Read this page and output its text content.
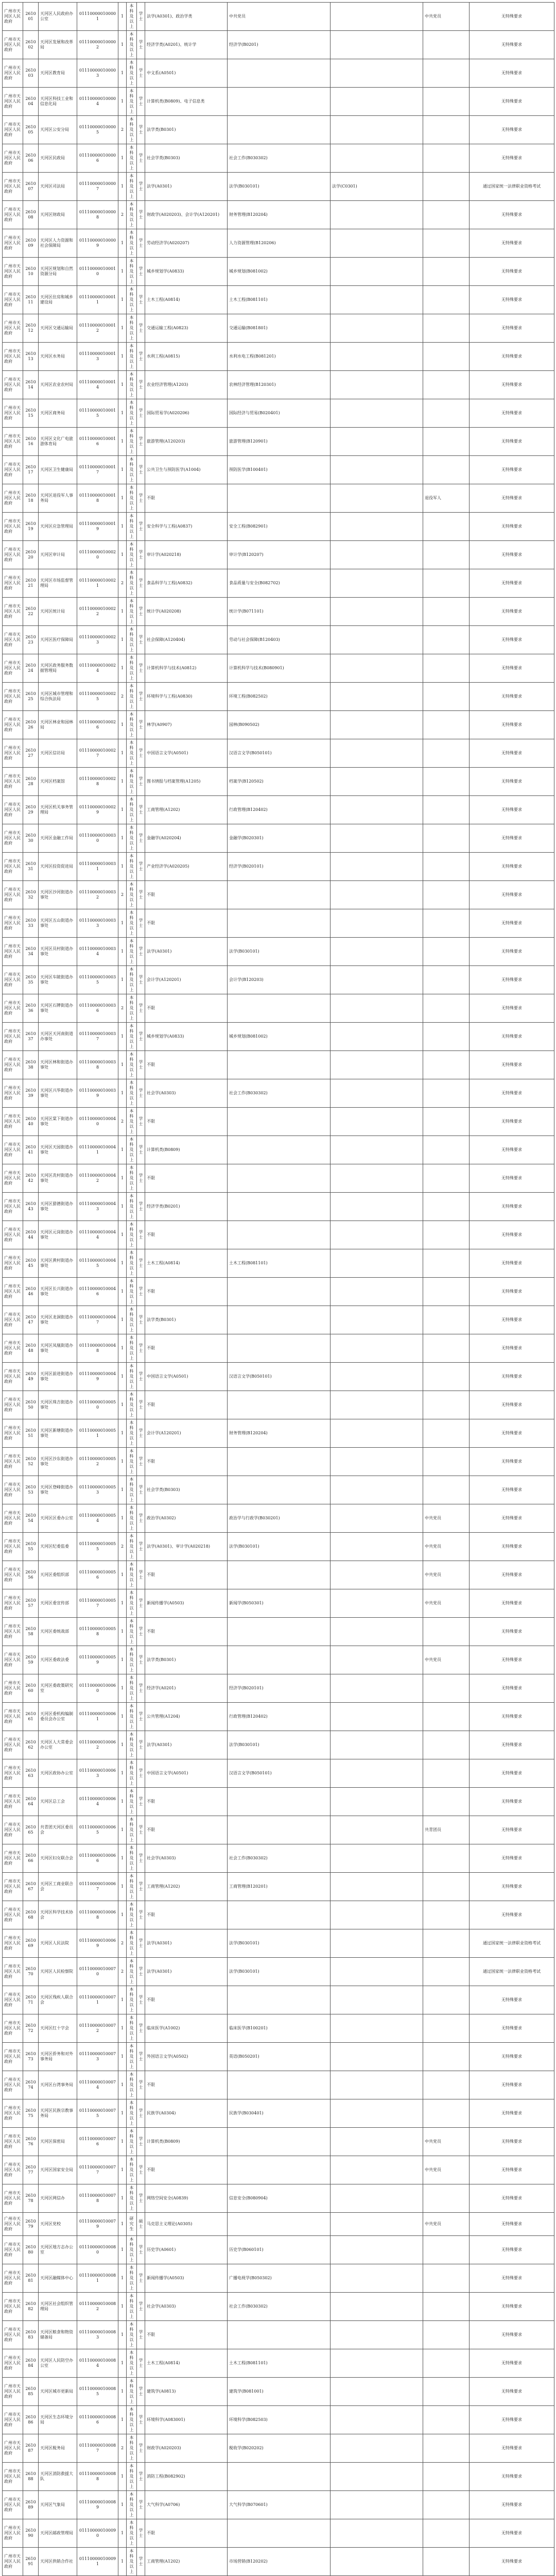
广州市天河区人民政府	261001	天河区人民政府办公室	011100000100001	1	本科及以上	学士	法学(A0301)、政治学类	中共党员		中共党员	无特殊要求
广州市天河区人民政府	261002	天河区发展和改革局	011100000100002	1	本科及以上	学士	经济学类(A0201)、统计学	经济学(B0201)			无特殊要求
广州市天河区人民政府	261003	天河区教育局	011100000100003	1	本科及以上	学士	中文系(A0501)				无特殊要求
广州市天河区人民政府	261004	天河区科技工业和信息化局	011100000100004	1	本科及以上	学士	计算机类(B0809)、电子信息类				无特殊要求
广州市天河区人民政府	261005	天河区公安分局	011100000100005	2	本科及以上	学士	法学类(B0301)				无特殊要求
广州市天河区人民政府	261006	天河区民政局	011100000100006	1	本科及以上	学士	社会学类(B0303)	社会工作(B030302)			无特殊要求
广州市天河区人民政府	261007	天河区司法局	011100000100007	1	本科及以上	学士	法学(A0301)	法学(B030101)	法学(C0301)		通过国家统一法律职业资格考试
广州市天河区人民政府	261008	天河区财政局	011100000100008	2	本科及以上	学士	财政学(A020203)、会计学(A120201)	财务管理(B120204)			无特殊要求
广州市天河区人民政府	261009	天河区人力资源和社会保障局	011100000100009	1	本科及以上	学士	劳动经济学(A020207)	人力资源管理(B120206)			无特殊要求
广州市天河区人民政府	261010	天河区规划和自然资源分局	011100000100010	1	本科及以上	学士	城乡规划学(A0833)	城乡规划(B081002)			无特殊要求
广州市天河区人民政府	261011	天河区住房和城乡建设局	011100000100011	1	本科及以上	学士	土木工程(A0814)	土木工程(B081101)			无特殊要求
广州市天河区人民政府	261012	天河区交通运输局	011100000100012	1	本科及以上	学士	交通运输工程(A0823)	交通运输(B081801)			无特殊要求
广州市天河区人民政府	261013	天河区水务局	011100000100013	1	本科及以上	学士	水利工程(A0815)	水利水电工程(B081201)			无特殊要求
广州市天河区人民政府	261014	天河区农业农村局	011100000100014	1	本科及以上	学士	农业经济管理(A1203)	农林经济管理(B120301)			无特殊要求
广州市天河区人民政府	261015	天河区商务局	011100000100015	1	本科及以上	学士	国际贸易学(A020206)	国际经济与贸易(B020401)			无特殊要求
广州市天河区人民政府	261016	天河区文化广电旅游体育局	011100000100016	1	本科及以上	学士	旅游管理(A120203)	旅游管理(B120901)			无特殊要求
广州市天河区人民政府	261017	天河区卫生健康局	011100000100017	1	本科及以上	学士	公共卫生与预防医学(A1004)	预防医学(B100401)			无特殊要求
广州市天河区人民政府	261018	天河区退役军人事务局	011100000100018	1	本科及以上	学士	不限			退役军人	无特殊要求
广州市天河区人民政府	261019	天河区应急管理局	011100000100019	1	本科及以上	学士	安全科学与工程(A0837)	安全工程(B082901)			无特殊要求
广州市天河区人民政府	261020	天河区审计局	011100000100020	1	本科及以上	学士	审计学(A020218)	审计学(B120207)			无特殊要求
广州市天河区人民政府	261021	天河区市场监督管理局	011100000100021	2	本科及以上	学士	食品科学与工程(A0832)	食品质量与安全(B082702)			无特殊要求
广州市天河区人民政府	261022	天河区统计局	011100000100022	1	本科及以上	学士	统计学(A020208)	统计学(B071101)			无特殊要求
广州市天河区人民政府	261023	天河区医疗保障局	011100000100023	1	本科及以上	学士	社会保障(A120404)	劳动与社会保障(B120403)			无特殊要求
广州市天河区人民政府	261024	天河区政务服务数据管理局	011100000100024	1	本科及以上	学士	计算机科学与技术(A0812)	计算机科学与技术(B080901)			无特殊要求
广州市天河区人民政府	261025	天河区城市管理和综合执法局	011100000100025	2	本科及以上	学士	环境科学与工程(A0830)	环境工程(B082502)			无特殊要求
广州市天河区人民政府	261026	天河区林业和园林局	011100000100026	1	本科及以上	学士	林学(A0907)	园林(B090502)			无特殊要求
广州市天河区人民政府	261027	天河区信访局	011100000100027	1	本科及以上	学士	中国语言文学(A0501)	汉语言文学(B050101)			无特殊要求
广州市天河区人民政府	261028	天河区档案馆	011100000100028	1	本科及以上	学士	图书情报与档案管理(A1205)	档案学(B120502)			无特殊要求
广州市天河区人民政府	261029	天河区机关事务管理局	011100000100029	1	本科及以上	学士	工商管理(A1202)	行政管理(B120402)			无特殊要求
广州市天河区人民政府	261030	天河区金融工作局	011100000100030	1	本科及以上	学士	金融学(A020204)	金融学(B020301)			无特殊要求
广州市天河区人民政府	261031	天河区投资促进局	011100000100031	1	本科及以上	学士	产业经济学(A020205)	经济学(B020101)			无特殊要求
广州市天河区人民政府	261032	天河区沙河街道办事处	011100000100032	2	本科及以上	学士	不限				无特殊要求
广州市天河区人民政府	261033	天河区五山街道办事处	011100000100033	1	本科及以上	学士	不限				无特殊要求
广州市天河区人民政府	261034	天河区员村街道办事处	011100000100034	1	本科及以上	学士	法学(A0301)	法学(B030101)			无特殊要求
广州市天河区人民政府	261035	天河区车陂街道办事处	011100000100035	1	本科及以上	学士	会计学(A120201)	会计学(B120203)			无特殊要求
广州市天河区人民政府	261036	天河区石牌街道办事处	011100000100036	2	本科及以上	学士	不限				无特殊要求
广州市天河区人民政府	261037	天河区天河南街道办事处	011100000100037	1	本科及以上	学士	城乡规划学(A0833)	城乡规划(B081002)			无特殊要求
广州市天河区人民政府	261038	天河区林和街道办事处	011100000100038	1	本科及以上	学士	不限				无特殊要求
广州市天河区人民政府	261039	天河区兴华街道办事处	011100000100039	1	本科及以上	学士	社会学(A0303)	社会工作(B030302)			无特殊要求
广州市天河区人民政府	261040	天河区棠下街道办事处	011100000100040	2	本科及以上	学士	不限				无特殊要求
广州市天河区人民政府	261041	天河区天园街道办事处	011100000100041	1	本科及以上	学士	计算机类(B0809)				无特殊要求
广州市天河区人民政府	261042	天河区冼村街道办事处	011100000100042	1	本科及以上	学士	不限				无特殊要求
广州市天河区人民政府	261043	天河区猎德街道办事处	011100000100043	1	本科及以上	学士	经济学类(B0201)				无特殊要求
广州市天河区人民政府	261044	天河区元岗街道办事处	011100000100044	1	本科及以上	学士	不限				无特殊要求
广州市天河区人民政府	261045	天河区黄村街道办事处	011100000100045	1	本科及以上	学士	土木工程(A0814)	土木工程(B081101)			无特殊要求
广州市天河区人民政府	261046	天河区长兴街道办事处	011100000100046	1	本科及以上	学士	不限				无特殊要求
广州市天河区人民政府	261047	天河区龙洞街道办事处	011100000100047	1	本科及以上	学士	法学类(B0301)				无特殊要求
广州市天河区人民政府	261048	天河区凤凰街道办事处	011100000100048	1	本科及以上	学士	不限				无特殊要求
广州市天河区人民政府	261049	天河区前进街道办事处	011100000100049	1	本科及以上	学士	中国语言文学(A0501)	汉语言文学(B050101)			无特殊要求
广州市天河区人民政府	261050	天河区珠吉街道办事处	011100000100050	1	本科及以上	学士	不限				无特殊要求
广州市天河区人民政府	261051	天河区新塘街道办事处	011100000100051	1	本科及以上	学士	会计学(A120201)	财务管理(B120204)			无特殊要求
广州市天河区人民政府	261052	天河区沙东街道办事处	011100000100052	1	本科及以上	学士	不限				无特殊要求
广州市天河区人民政府	261053	天河区登峰街道办事处	011100000100053	1	本科及以上	学士	社会学类(B0303)				无特殊要求
广州市天河区人民政府	261054	天河区区委办公室	011100000100054	1	本科及以上	学士	政治学(A0302)	政治学与行政学(B030201)		中共党员	无特殊要求
广州市天河区人民政府	261055	天河区纪委监委	011100000100055	2	本科及以上	学士	法学(A0301)、审计学(A020218)	法学(B030101)		中共党员	无特殊要求
广州市天河区人民政府	261056	天河区委组织部	011100000100056	1	本科及以上	学士	不限			中共党员	无特殊要求
广州市天河区人民政府	261057	天河区委宣传部	011100000100057	1	本科及以上	学士	新闻传播学(A0503)	新闻学(B050301)		中共党员	无特殊要求
广州市天河区人民政府	261058	天河区委统战部	011100000100058	1	本科及以上	学士	不限				无特殊要求
广州市天河区人民政府	261059	天河区委政法委	011100000100059	1	本科及以上	学士	法学类(B0301)			中共党员	无特殊要求
广州市天河区人民政府	261060	天河区委政策研究室	011100000100060	1	本科及以上	学士	经济学(A0201)	经济学(B020101)			无特殊要求
广州市天河区人民政府	261061	天河区委机构编制委员会办公室	011100000100061	1	本科及以上	学士	公共管理(A1204)	行政管理(B120402)			无特殊要求
广州市天河区人民政府	261062	天河区人大常委会办公室	011100000100062	1	本科及以上	学士	法学(A0301)	法学(B030101)			无特殊要求
广州市天河区人民政府	261063	天河区政协办公室	011100000100063	1	本科及以上	学士	中国语言文学(A0501)	汉语言文学(B050101)			无特殊要求
广州市天河区人民政府	261064	天河区总工会	011100000100064	1	本科及以上	学士	不限				无特殊要求
广州市天河区人民政府	261065	共青团天河区委员会	011100000100065	1	本科及以上	学士	不限			共青团员	无特殊要求
广州市天河区人民政府	261066	天河区妇女联合会	011100000100066	1	本科及以上	学士	社会学(A0303)	社会工作(B030302)			无特殊要求
广州市天河区人民政府	261067	天河区工商业联合会	011100000100067	1	本科及以上	学士	工商管理(A1202)	工商管理(B120201)			无特殊要求
广州市天河区人民政府	261068	天河区科学技术协会	011100000100068	1	本科及以上	学士	不限				无特殊要求
广州市天河区人民政府	261069	天河区人民法院	011100000100069	2	本科及以上	学士	法学(A0301)	法学(B030101)			通过国家统一法律职业资格考试
广州市天河区人民政府	261070	天河区人民检察院	011100000100070	2	本科及以上	学士	法学(A0301)	法学(B030101)			通过国家统一法律职业资格考试
广州市天河区人民政府	261071	天河区残疾人联合会	011100000100071	1	本科及以上	学士	不限				无特殊要求
广州市天河区人民政府	261072	天河区红十字会	011100000100072	1	本科及以上	学士	临床医学(A1002)	临床医学(B100201)			无特殊要求
广州市天河区人民政府	261073	天河区侨务和对外事务局	011100000100073	1	本科及以上	学士	外国语言文学(A0502)	英语(B050201)			无特殊要求
广州市天河区人民政府	261074	天河区台湾事务局	011100000100074	1	本科及以上	学士	不限				无特殊要求
广州市天河区人民政府	261075	天河区民族宗教事务局	011100000100075	1	本科及以上	学士	民族学(A0304)	民族学(B030401)			无特殊要求
广州市天河区人民政府	261076	天河区保密局	011100000100076	1	本科及以上	学士	计算机类(B0809)			中共党员	无特殊要求
广州市天河区人民政府	261077	天河区国家安全局	011100000100077	1	本科及以上	学士	不限			中共党员	无特殊要求
广州市天河区人民政府	261078	天河区网信办	011100000100078	1	本科及以上	学士	网络空间安全(A0839)	信息安全(B080904)			无特殊要求
广州市天河区人民政府	261079	天河区党校	011100000100079	1	研究生	硕士	马克思主义理论(A0305)			中共党员	无特殊要求
广州市天河区人民政府	261080	天河区地方志办公室	011100000100080	1	本科及以上	学士	历史学(A0601)	历史学(B060101)			无特殊要求
广州市天河区人民政府	261081	天河区融媒体中心	011100000100081	1	本科及以上	学士	新闻传播学(A0503)	广播电视学(B050302)			无特殊要求
广州市天河区人民政府	261082	天河区社会组织管理局	011100000100082	1	本科及以上	学士	社会学(A0303)	社会工作(B030302)			无特殊要求
广州市天河区人民政府	261083	天河区粮食和物资储备局	011100000100083	1	本科及以上	学士	不限				无特殊要求
广州市天河区人民政府	261084	天河区人民防空办公室	011100000100084	1	本科及以上	学士	土木工程(A0814)	土木工程(B081101)			无特殊要求
广州市天河区人民政府	261085	天河区城市更新局	011100000100085	1	本科及以上	学士	建筑学(A0813)	建筑学(B081001)			无特殊要求
广州市天河区人民政府	261086	天河区生态环境分局	011100000100086	1	本科及以上	学士	环境科学(A083001)	环境科学(B082503)			无特殊要求
广州市天河区人民政府	261087	天河区税务局	011100000100087	2	本科及以上	学士	财政学(A020203)	税收学(B020202)			无特殊要求
广州市天河区人民政府	261088	天河区消防救援大队	011100000100088	1	本科及以上	学士	消防工程(B082902)				无特殊要求
广州市天河区人民政府	261089	天河区气象局	011100000100089	1	本科及以上	学士	大气科学(A0706)	大气科学(B070601)			无特殊要求
广州市天河区人民政府	261090	天河区邮政管理局	011100000100090	1	本科及以上	学士	不限				无特殊要求
广州市天河区人民政府	261091	天河区供销合作社	011100000100091	1	本科及以上	学士	工商管理(A1202)	市场营销(B120202)			无特殊要求
